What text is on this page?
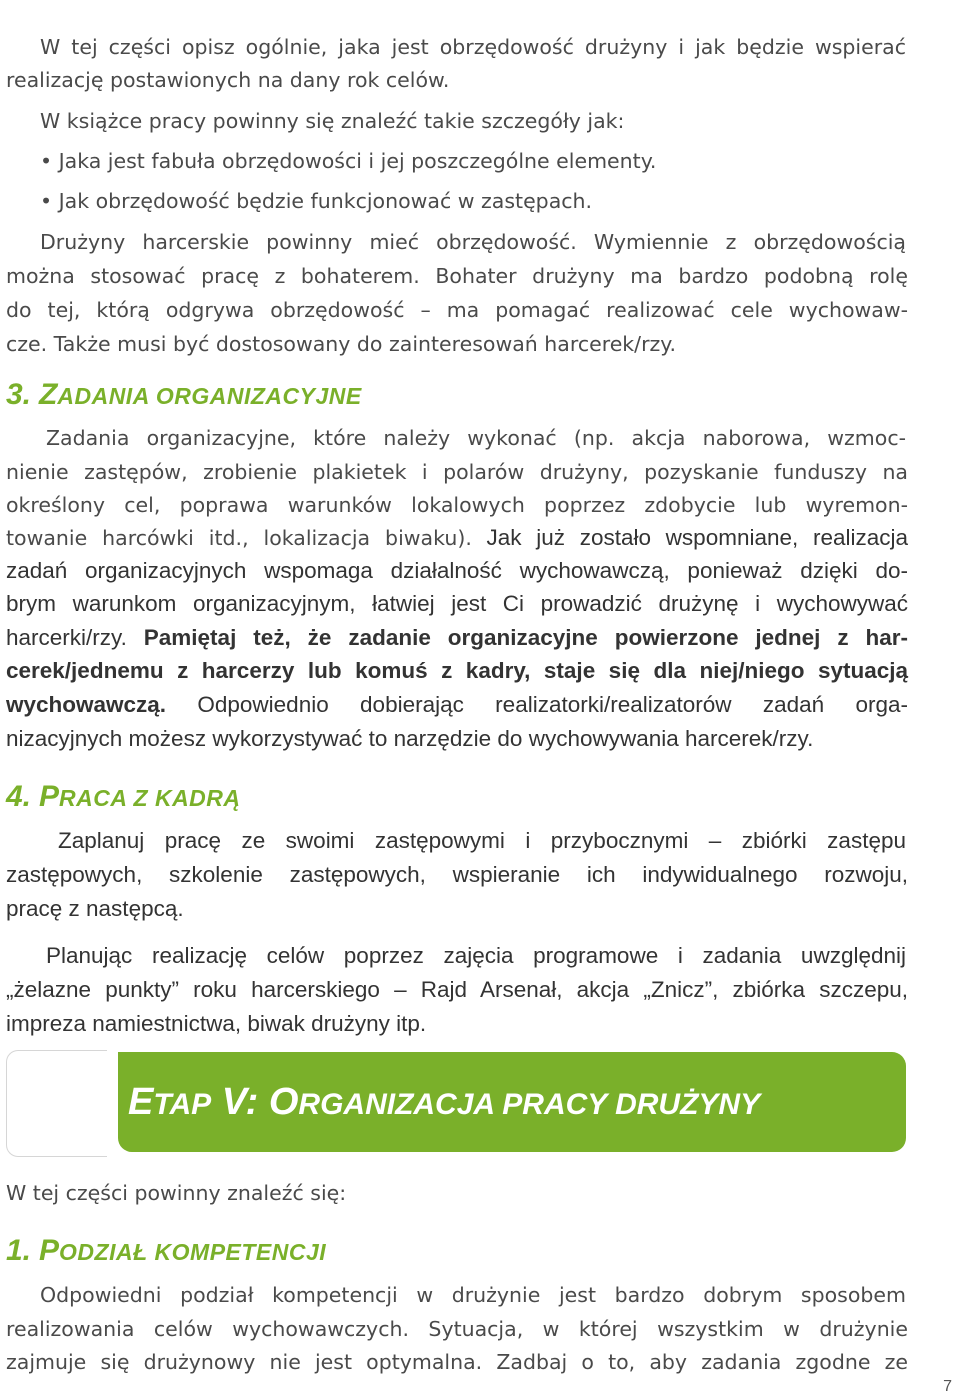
W tej części opisz ogólnie, jaka jest obrzędowość drużyny i jak będzie wspierać
realizację postawionych na dany rok celów.
W książce pracy powinny się znaleźć takie szczegóły jak:
• Jaka jest fabuła obrzędowości i jej poszczególne elementy.
• Jak obrzędowość będzie funkcjonować w zastępach.
Drużyny harcerskie powinny mieć obrzędowość. Wymiennie z obrzędowością
można stosować pracę z bohaterem. Bohater drużyny ma bardzo podobną rolę
do tej, którą odgrywa obrzędowość – ma pomagać realizować cele wychowaw-
cze. Także musi być dostosowany do zainteresowań harcerek/rzy.
3. ZADANIA ORGANIZACYJNE
Zadania organizacyjne, które należy wykonać (np. akcja naborowa, wzmoc-
nienie zastępów, zrobienie plakietek i polarów drużyny, pozyskanie funduszy na
określony cel, poprawa warunków lokalowych poprzez zdobycie lub wyremon-
towanie harcówki itd., lokalizacja biwaku). Jak już zostało wspomniane, realizacja
zadań organizacyjnych wspomaga działalność wychowawczą, ponieważ dzięki do-
brym warunkom organizacyjnym, łatwiej jest Ci prowadzić drużynę i wychowywać
harcerki/rzy. Pamiętaj też, że zadanie organizacyjne powierzone jednej z har-
cerek/jednemu z harcerzy lub komuś z kadry, staje się dla niej/niego sytuacją
wychowawczą. Odpowiednio dobierając realizatorki/realizatorów zadań orga-
nizacyjnych możesz wykorzystywać to narzędzie do wychowywania harcerek/rzy.
4. PRACA Z KADRĄ
Zaplanuj pracę ze swoimi zastępowymi i przybocznymi – zbiórki zastępu
zastępowych, szkolenie zastępowych, wspieranie ich indywidualnego rozwoju,
pracę z następcą.
Planując realizację celów poprzez zajęcia programowe i zadania uwzględnij
„żelazne punkty” roku harcerskiego – Rajd Arsenał, akcja „Znicz”, zbiórka szczepu,
impreza namiestnictwa, biwak drużyny itp.
ETAP V: ORGANIZACJA PRACY DRUŻYNY
W tej części powinny znaleźć się:
1. PODZIAŁ KOMPETENCJI
Odpowiedni podział kompetencji w drużynie jest bardzo dobrym sposobem
realizowania celów wychowawczych. Sytuacja, w której wszystkim w drużynie
zajmuje się drużynowy nie jest optymalna. Zadbaj o to, aby zadania zgodne ze
7
